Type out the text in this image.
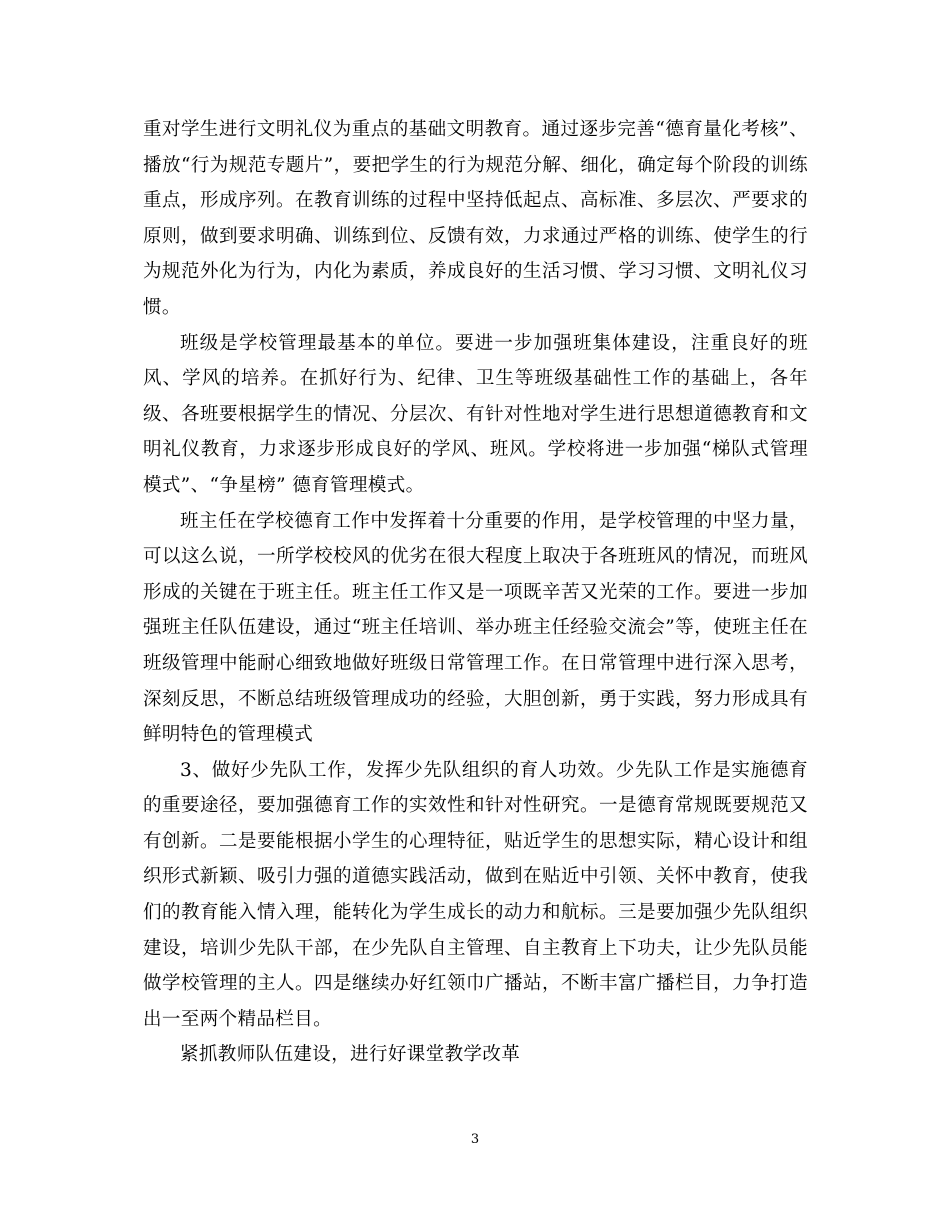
重对学生进行文明礼仪为重点的基础文明教育。通过逐步完善“德育量化考核”、播放“行为规范专题片”，要把学生的行为规范分解、细化，确定每个阶段的训练重点，形成序列。在教育训练的过程中坚持低起点、高标准、多层次、严要求的原则，做到要求明确、训练到位、反馈有效，力求通过严格的训练、使学生的行为规范外化为行为，内化为素质，养成良好的生活习惯、学习习惯、文明礼仪习惯。

班级是学校管理最基本的单位。要进一步加强班集体建设，注重良好的班风、学风的培养。在抓好行为、纪律、卫生等班级基础性工作的基础上，各年级、各班要根据学生的情况、分层次、有针对性地对学生进行思想道德教育和文明礼仪教育，力求逐步形成良好的学风、班风。学校将进一步加强“梯队式管理模式”、“争星榜” 德育管理模式。

班主任在学校德育工作中发挥着十分重要的作用，是学校管理的中坚力量，可以这么说，一所学校校风的优劣在很大程度上取决于各班班风的情况，而班风形成的关键在于班主任。班主任工作又是一项既辛苦又光荣的工作。要进一步加强班主任队伍建设，通过“班主任培训、举办班主任经验交流会”等，使班主任在班级管理中能耐心细致地做好班级日常管理工作。在日常管理中进行深入思考，深刻反思，不断总结班级管理成功的经验，大胆创新，勇于实践，努力形成具有鲜明特色的管理模式

3、做好少先队工作，发挥少先队组织的育人功效。少先队工作是实施德育的重要途径，要加强德育工作的实效性和针对性研究。一是德育常规既要规范又有创新。二是要能根据小学生的心理特征，贴近学生的思想实际，精心设计和组织形式新颖、吸引力强的道德实践活动，做到在贴近中引领、关怀中教育，使我们的教育能入情入理，能转化为学生成长的动力和航标。三是要加强少先队组织建设，培训少先队干部，在少先队自主管理、自主教育上下功夫，让少先队员能做学校管理的主人。四是继续办好红领巾广播站，不断丰富广播栏目，力争打造出一至两个精品栏目。

紧抓教师队伍建设，进行好课堂教学改革

3
